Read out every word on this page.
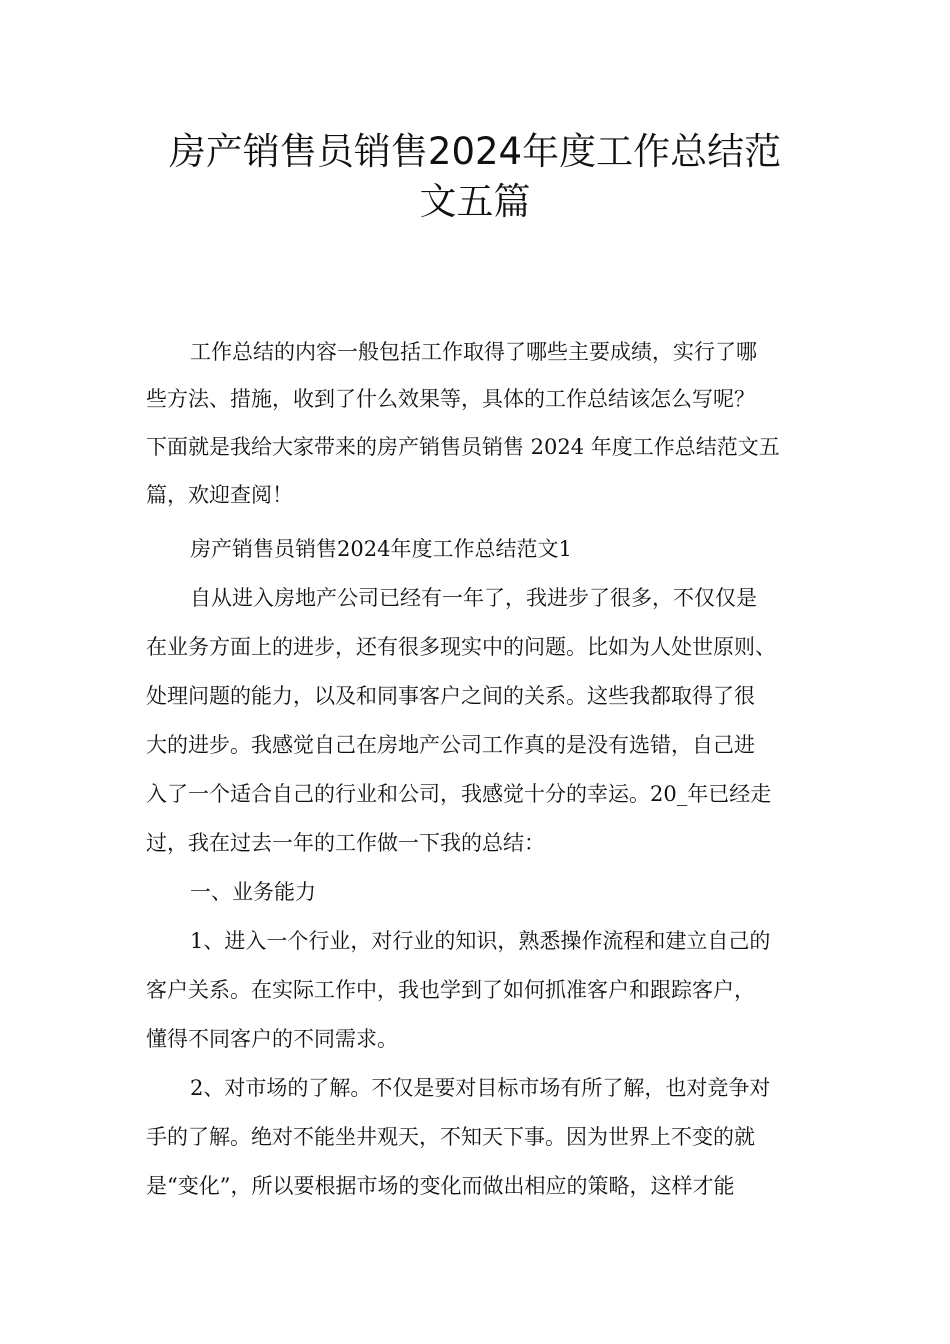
房产销售员销售2024年度工作总结范
文五篇

工作总结的内容一般包括工作取得了哪些主要成绩，实行了哪

些方法、措施，收到了什么效果等，具体的工作总结该怎么写呢？

下面就是我给大家带来的房产销售员销售 2024 年度工作总结范文五

篇，欢迎查阅！

房产销售员销售2024年度工作总结范文1

自从进入房地产公司已经有一年了，我进步了很多，不仅仅是

在业务方面上的进步，还有很多现实中的问题。比如为人处世原则、

处理问题的能力，以及和同事客户之间的关系。这些我都取得了很

大的进步。我感觉自己在房地产公司工作真的是没有选错，自己进

入了一个适合自己的行业和公司，我感觉十分的幸运。20_年已经走

过，我在过去一年的工作做一下我的总结：

一、业务能力

1、进入一个行业，对行业的知识，熟悉操作流程和建立自己的

客户关系。在实际工作中，我也学到了如何抓准客户和跟踪客户，

懂得不同客户的不同需求。

2、对市场的了解。不仅是要对目标市场有所了解，也对竞争对

手的了解。绝对不能坐井观天，不知天下事。因为世界上不变的就

是“变化”，所以要根据市场的变化而做出相应的策略，这样才能
